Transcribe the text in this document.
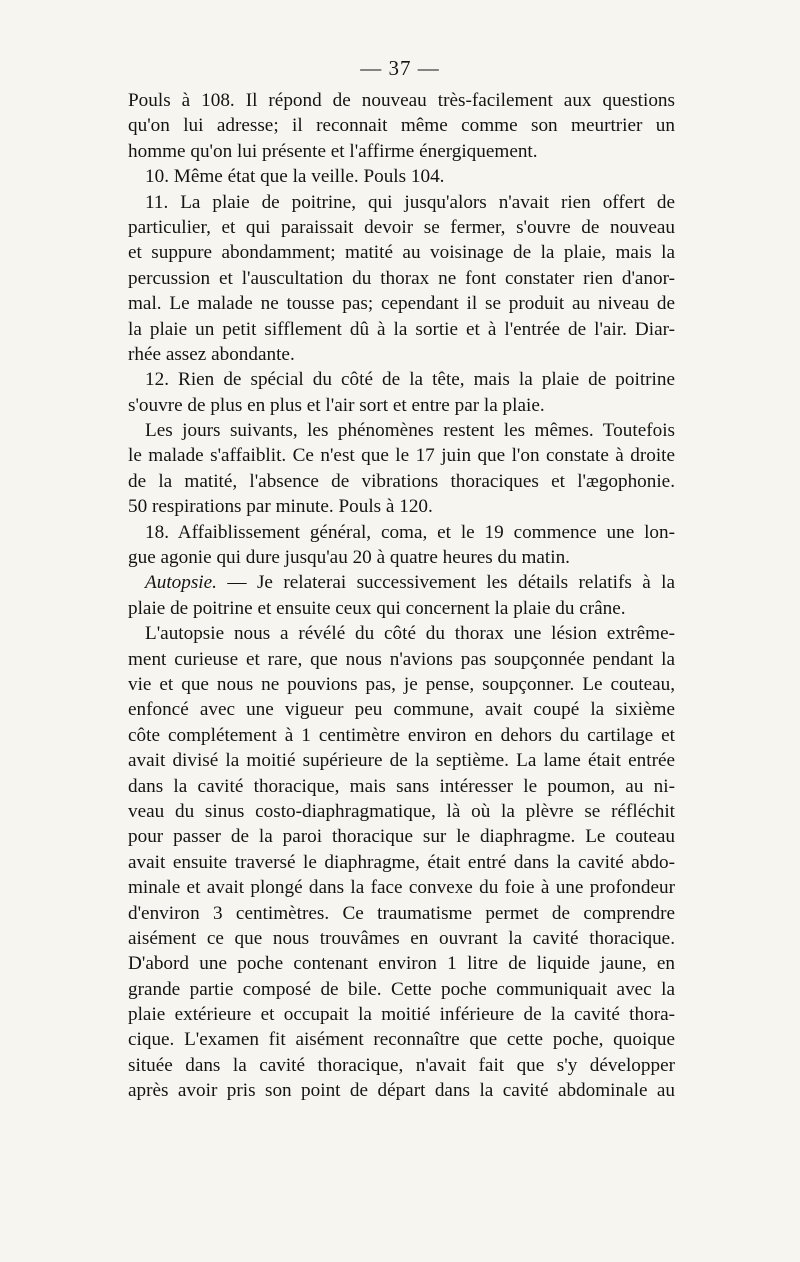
— 37 —
Pouls à 108. Il répond de nouveau très-facilement aux questions
qu'on lui adresse; il reconnait même comme son meurtrier un
homme qu'on lui présente et l'affirme énergiquement.
10. Même état que la veille. Pouls 104.
11. La plaie de poitrine, qui jusqu'alors n'avait rien offert de
particulier, et qui paraissait devoir se fermer, s'ouvre de nouveau
et suppure abondamment; matité au voisinage de la plaie, mais la
percussion et l'auscultation du thorax ne font constater rien d'anor-
mal. Le malade ne tousse pas; cependant il se produit au niveau de
la plaie un petit sifflement dû à la sortie et à l'entrée de l'air. Diar-
rhée assez abondante.
12. Rien de spécial du côté de la tête, mais la plaie de poitrine
s'ouvre de plus en plus et l'air sort et entre par la plaie.
Les jours suivants, les phénomènes restent les mêmes. Toutefois
le malade s'affaiblit. Ce n'est que le 17 juin que l'on constate à droite
de la matité, l'absence de vibrations thoraciques et l'ægophonie.
50 respirations par minute. Pouls à 120.
18. Affaiblissement général, coma, et le 19 commence une lon-
gue agonie qui dure jusqu'au 20 à quatre heures du matin.
Autopsie. — Je relaterai successivement les détails relatifs à la
plaie de poitrine et ensuite ceux qui concernent la plaie du crâne.
L'autopsie nous a révélé du côté du thorax une lésion extrême-
ment curieuse et rare, que nous n'avions pas soupçonnée pendant la
vie et que nous ne pouvions pas, je pense, soupçonner. Le couteau,
enfoncé avec une vigueur peu commune, avait coupé la sixième
côte complétement à 1 centimètre environ en dehors du cartilage et
avait divisé la moitié supérieure de la septième. La lame était entrée
dans la cavité thoracique, mais sans intéresser le poumon, au ni-
veau du sinus costo-diaphragmatique, là où la plèvre se réfléchit
pour passer de la paroi thoracique sur le diaphragme. Le couteau
avait ensuite traversé le diaphragme, était entré dans la cavité abdo-
minale et avait plongé dans la face convexe du foie à une profondeur
d'environ 3 centimètres. Ce traumatisme permet de comprendre
aisément ce que nous trouvâmes en ouvrant la cavité thoracique.
D'abord une poche contenant environ 1 litre de liquide jaune, en
grande partie composé de bile. Cette poche communiquait avec la
plaie extérieure et occupait la moitié inférieure de la cavité thora-
cique. L'examen fit aisément reconnaître que cette poche, quoique
située dans la cavité thoracique, n'avait fait que s'y développer
après avoir pris son point de départ dans la cavité abdominale au
